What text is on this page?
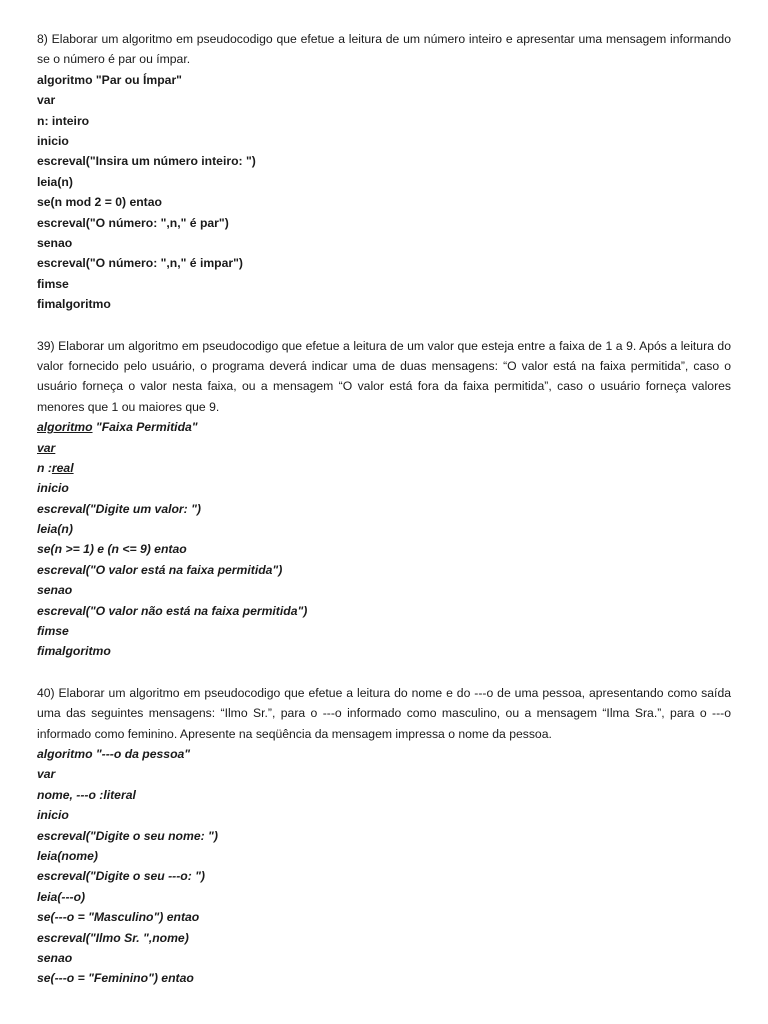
8) Elaborar um algoritmo em pseudocodigo que efetue a leitura de um número inteiro e apresentar uma mensagem informando se o número é par ou ímpar.

algoritmo "Par ou Ímpar"

var

n: inteiro

inicio

escreval("Insira um número inteiro: ")

leia(n)

se(n mod 2 = 0) entao

escreval("O número: ",n," é par")

senao

escreval("O número: ",n," é impar")

fimse

fimalgoritmo

39) Elaborar um algoritmo em pseudocodigo que efetue a leitura de um valor que esteja entre a faixa de 1 a 9. Após a leitura do valor fornecido pelo usuário, o programa deverá indicar uma de duas mensagens: “O valor está na faixa permitida”, caso o usuário forneça o valor nesta faixa, ou a mensagem “O valor está fora da faixa permitida”, caso o usuário forneça valores menores que 1 ou maiores que 9.

algoritmo "Faixa Permitida"

var

n :real

inicio

escreval("Digite um valor: ")

leia(n)

se(n >= 1) e (n <= 9) entao

escreval("O valor está na faixa permitida")

senao

escreval("O valor não está na faixa permitida")

fimse

fimalgoritmo

40) Elaborar um algoritmo em pseudocodigo que efetue a leitura do nome e do ---o de uma pessoa, apresentando como saída uma das seguintes mensagens: “Ilmo Sr.”, para o ---o informado como masculino, ou a mensagem “Ilma Sra.”, para o ---o informado como feminino. Apresente na seqüência da mensagem impressa o nome da pessoa.

algoritmo "---o da pessoa"

var

nome, ---o :literal

inicio

escreval("Digite o seu nome: ")

leia(nome)

escreval("Digite o seu ---o: ")

leia(---o)

se(---o = "Masculino") entao

escreval("Ilmo Sr. ",nome)

senao

se(---o = "Feminino") entao
